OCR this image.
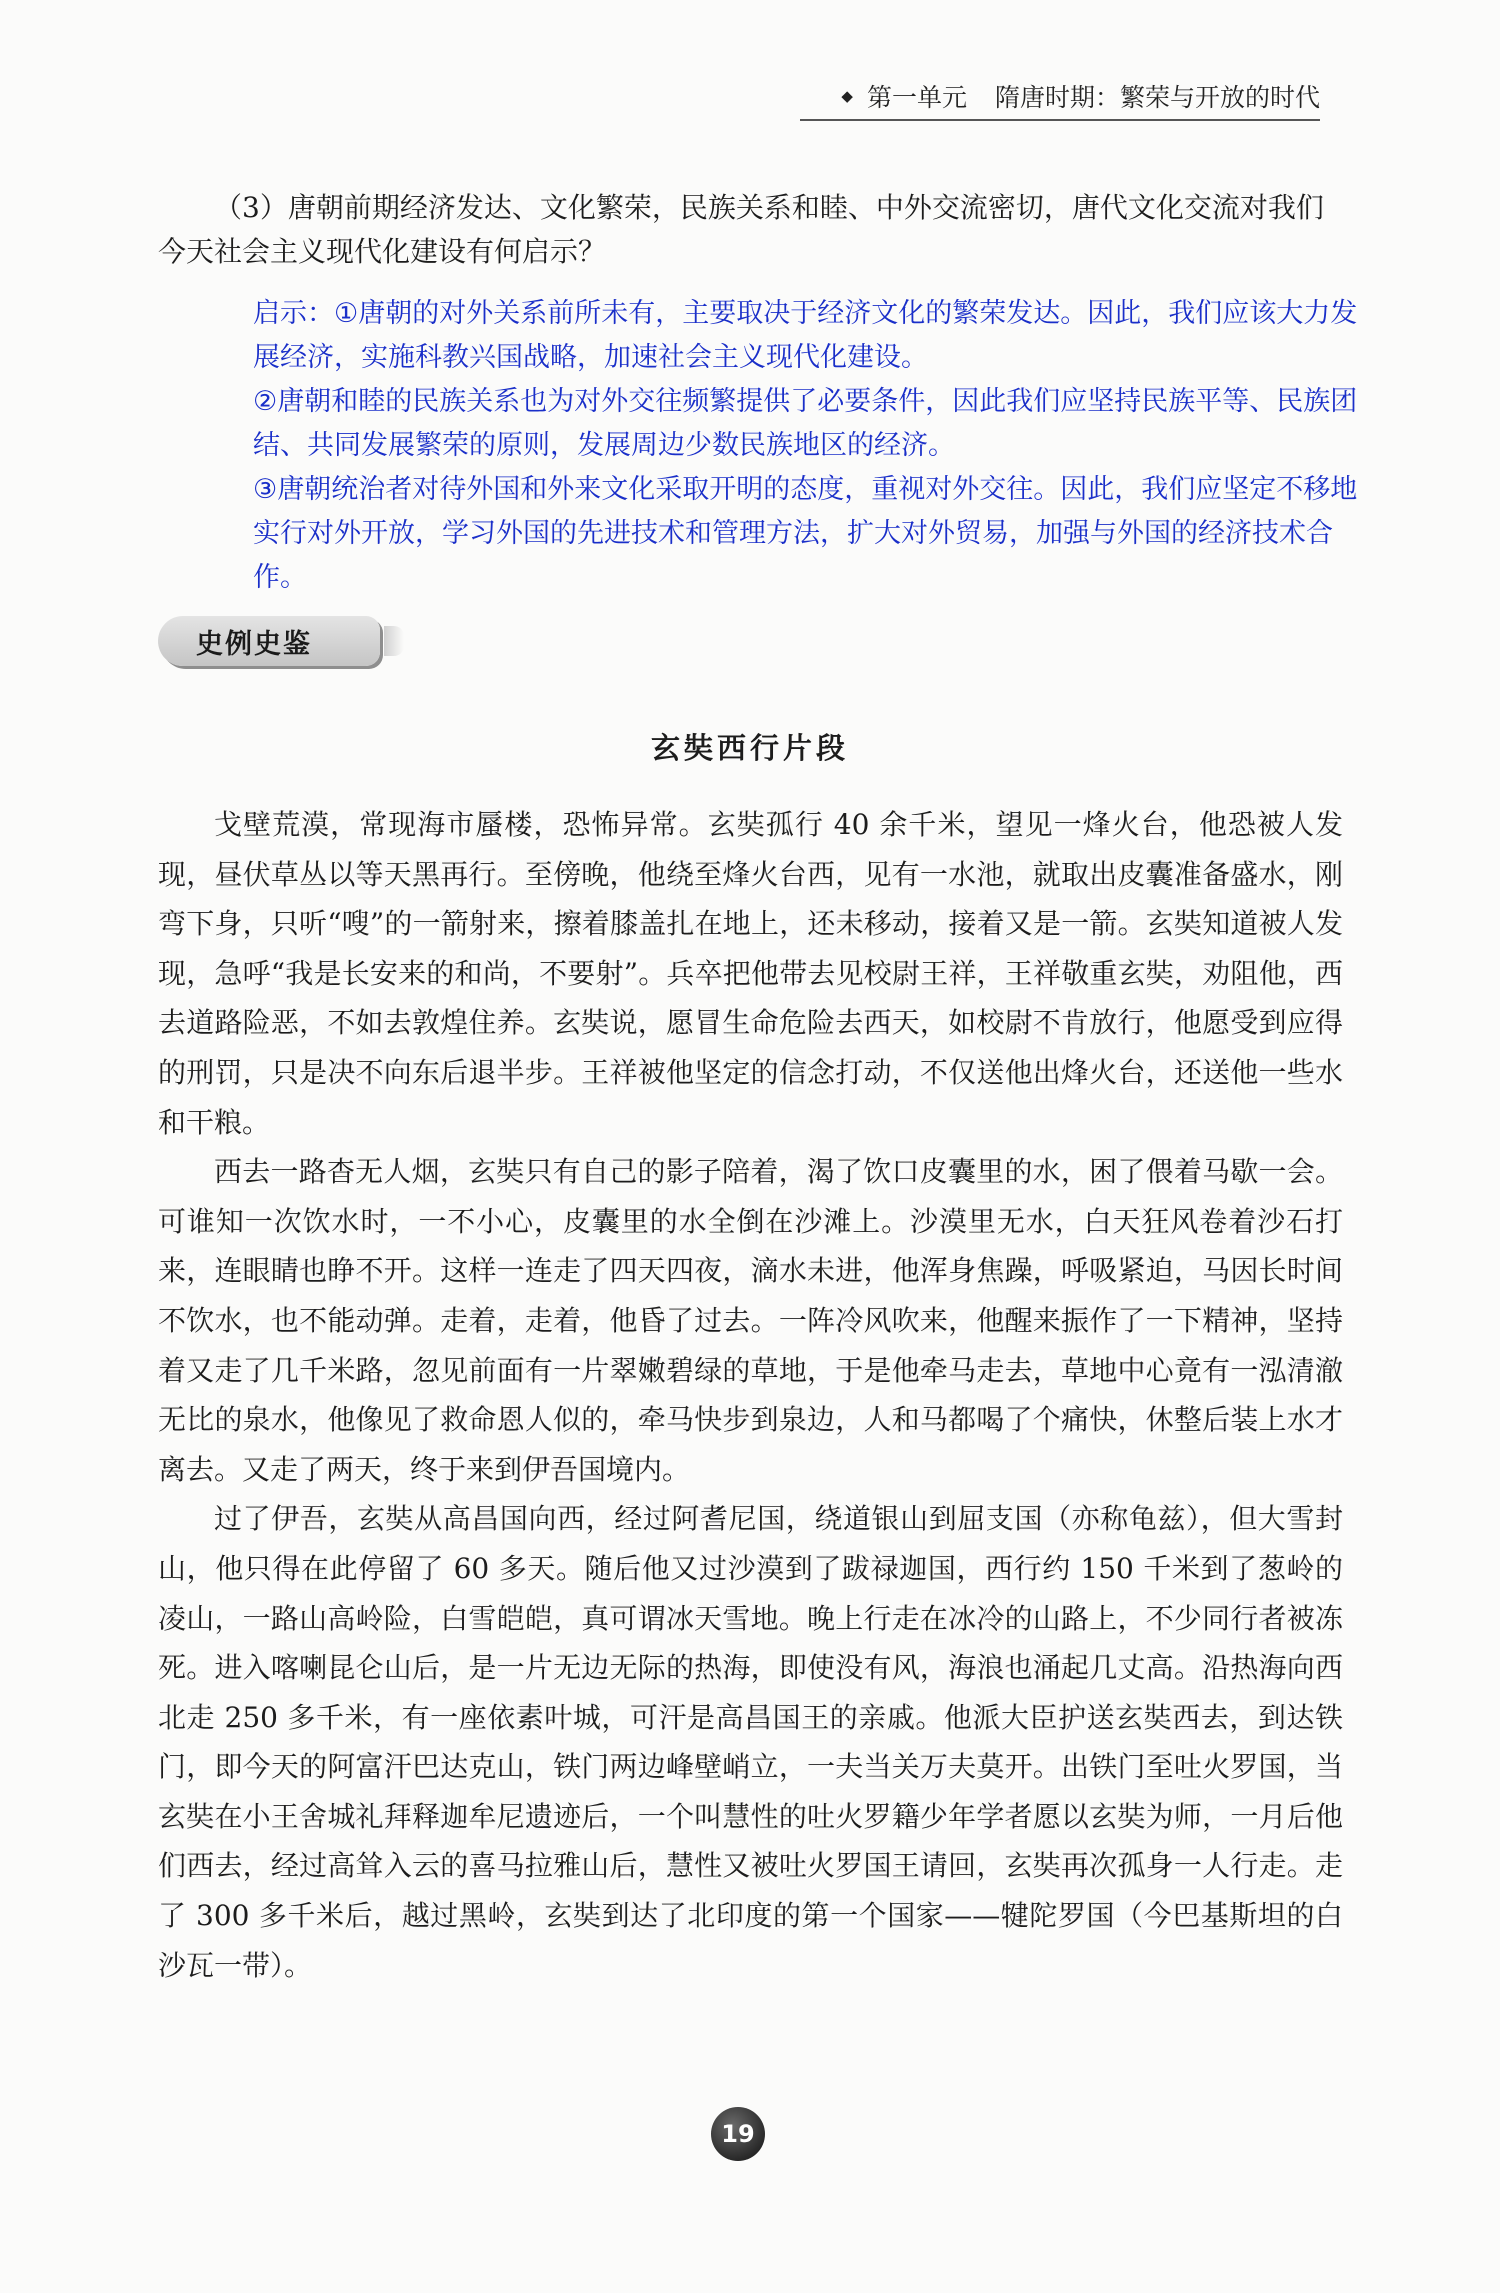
◆ 第一单元 隋唐时期：繁荣与开放的时代

（3）唐朝前期经济发达、文化繁荣，民族关系和睦、中外交流密切，唐代文化交流对我们今天社会主义现代化建设有何启示？

启示：①唐朝的对外关系前所未有，主要取决于经济文化的繁荣发达。因此，我们应该大力发展经济，实施科教兴国战略，加速社会主义现代化建设。

②唐朝和睦的民族关系也为对外交往频繁提供了必要条件，因此我们应坚持民族平等、民族团结、共同发展繁荣的原则，发展周边少数民族地区的经济。

③唐朝统治者对待外国和外来文化采取开明的态度，重视对外交往。因此，我们应坚定不移地实行对外开放，学习外国的先进技术和管理方法，扩大对外贸易，加强与外国的经济技术合作。

史例史鉴
玄奘西行片段

戈壁荒漠，常现海市蜃楼，恐怖异常。玄奘孤行 40 余千米，望见一烽火台，他恐被人发现，昼伏草丛以等天黑再行。至傍晚，他绕至烽火台西，见有一水池，就取出皮囊准备盛水，刚弯下身，只听“嗖”的一箭射来，擦着膝盖扎在地上，还未移动，接着又是一箭。玄奘知道被人发现，急呼“我是长安来的和尚，不要射”。兵卒把他带去见校尉王祥，王祥敬重玄奘，劝阻他，西去道路险恶，不如去敦煌住养。玄奘说，愿冒生命危险去西天，如校尉不肯放行，他愿受到应得的刑罚，只是决不向东后退半步。王祥被他坚定的信念打动，不仅送他出烽火台，还送他一些水和干粮。

西去一路杳无人烟，玄奘只有自己的影子陪着，渴了饮口皮囊里的水，困了偎着马歇一会。可谁知一次饮水时，一不小心，皮囊里的水全倒在沙滩上。沙漠里无水，白天狂风卷着沙石打来，连眼睛也睁不开。这样一连走了四天四夜，滴水未进，他浑身焦躁，呼吸紧迫，马因长时间不饮水，也不能动弹。走着，走着，他昏了过去。一阵冷风吹来，他醒来振作了一下精神，坚持着又走了几千米路，忽见前面有一片翠嫩碧绿的草地，于是他牵马走去，草地中心竟有一泓清澈无比的泉水，他像见了救命恩人似的，牵马快步到泉边，人和马都喝了个痛快，休整后装上水才离去。又走了两天，终于来到伊吾国境内。

过了伊吾，玄奘从高昌国向西，经过阿耆尼国，绕道银山到屈支国（亦称龟兹），但大雪封山，他只得在此停留了 60 多天。随后他又过沙漠到了跋禄迦国，西行约 150 千米到了葱岭的凌山，一路山高岭险，白雪皑皑，真可谓冰天雪地。晚上行走在冰冷的山路上，不少同行者被冻死。进入喀喇昆仑山后，是一片无边无际的热海，即使没有风，海浪也涌起几丈高。沿热海向西北走 250 多千米，有一座依素叶城，可汗是高昌国王的亲戚。他派大臣护送玄奘西去，到达铁门，即今天的阿富汗巴达克山，铁门两边峰壁峭立，一夫当关万夫莫开。出铁门至吐火罗国，当玄奘在小王舍城礼拜释迦牟尼遗迹后，一个叫慧性的吐火罗籍少年学者愿以玄奘为师，一月后他们西去，经过高耸入云的喜马拉雅山后，慧性又被吐火罗国王请回，玄奘再次孤身一人行走。走了 300 多千米后，越过黑岭，玄奘到达了北印度的第一个国家——犍陀罗国（今巴基斯坦的白沙瓦一带）。

19
